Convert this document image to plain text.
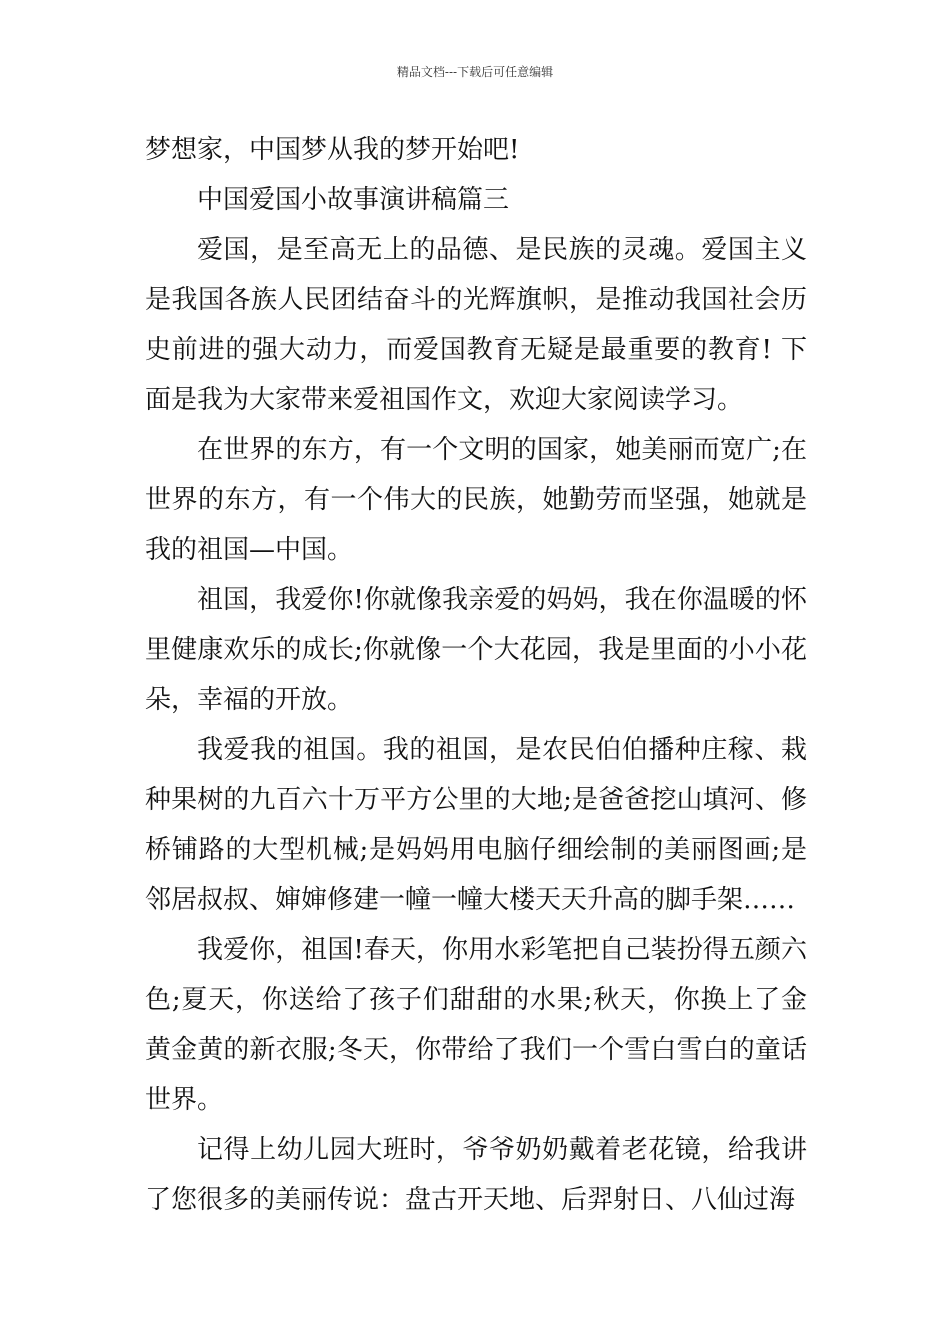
精品文档---下载后可任意编辑
梦想家，中国梦从我的梦开始吧!
中国爱国小故事演讲稿篇三
爱国，是至高无上的品德、是民族的灵魂。爱国主义
是我国各族人民团结奋斗的光辉旗帜，是推动我国社会历
史前进的强大动力，而爱国教育无疑是最重要的教育! 下
面是我为大家带来爱祖国作文，欢迎大家阅读学习。
在世界的东方，有一个文明的国家，她美丽而宽广;在
世界的东方，有一个伟大的民族，她勤劳而坚强，她就是
我的祖国—中国。
祖国，我爱你!你就像我亲爱的妈妈，我在你温暖的怀
里健康欢乐的成长;你就像一个大花园，我是里面的小小花
朵，幸福的开放。
我爱我的祖国。我的祖国，是农民伯伯播种庄稼、栽
种果树的九百六十万平方公里的大地;是爸爸挖山填河、修
桥铺路的大型机械;是妈妈用电脑仔细绘制的美丽图画;是
邻居叔叔、婶婶修建一幢一幢大楼天天升高的脚手架……
我爱你，祖国!春天，你用水彩笔把自己装扮得五颜六
色;夏天，你送给了孩子们甜甜的水果;秋天，你换上了金
黄金黄的新衣服;冬天，你带给了我们一个雪白雪白的童话
世界。
记得上幼儿园大班时，爷爷奶奶戴着老花镜，给我讲
了您很多的美丽传说：盘古开天地、后羿射日、八仙过海
